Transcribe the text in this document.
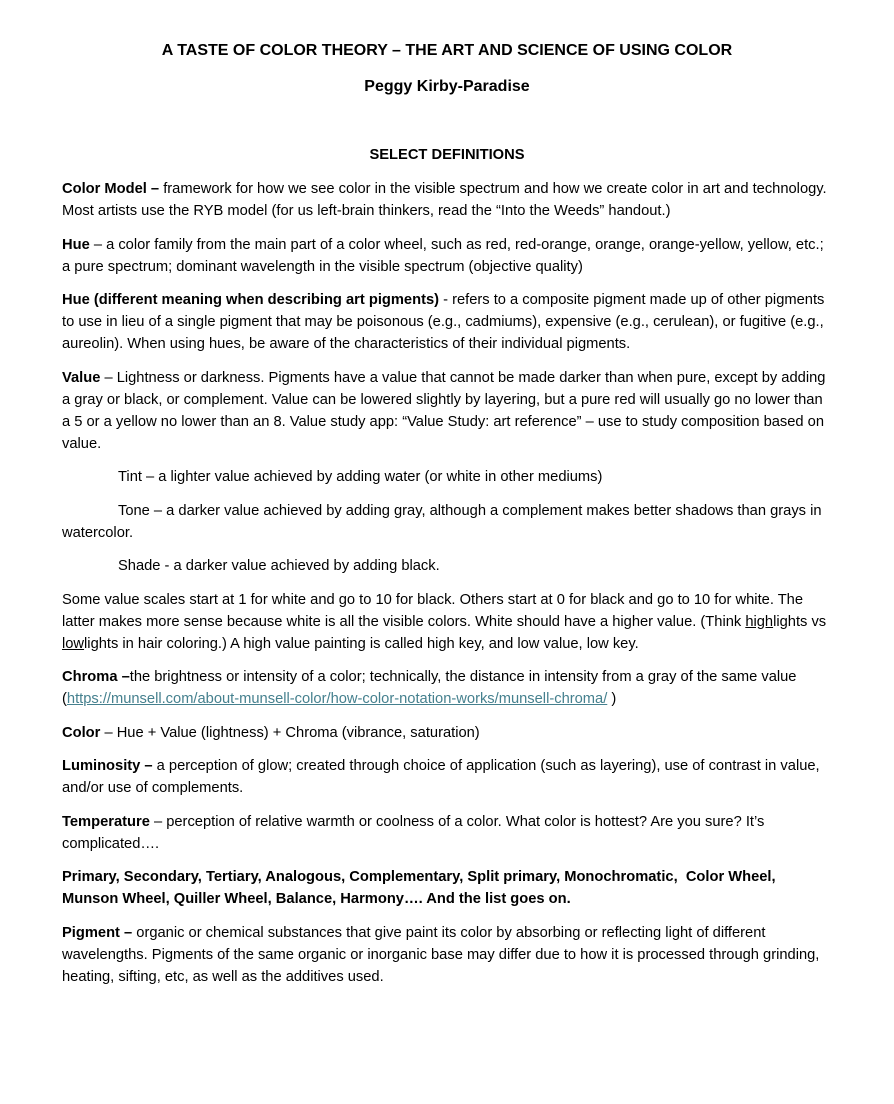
A TASTE OF COLOR THEORY – THE ART AND SCIENCE OF USING COLOR
Peggy Kirby-Paradise
SELECT DEFINITIONS

Color Model – framework for how we see color in the visible spectrum and how we create color in art and technology. Most artists use the RYB model (for us left-brain thinkers, read the “Into the Weeds” handout.)

Hue – a color family from the main part of a color wheel, such as red, red-orange, orange, orange-yellow, yellow, etc.; a pure spectrum; dominant wavelength in the visible spectrum (objective quality)

Hue (different meaning when describing art pigments) - refers to a composite pigment made up of other pigments to use in lieu of a single pigment that may be poisonous (e.g., cadmiums), expensive (e.g., cerulean), or fugitive (e.g., aureolin). When using hues, be aware of the characteristics of their individual pigments.

Value – Lightness or darkness. Pigments have a value that cannot be made darker than when pure, except by adding a gray or black, or complement. Value can be lowered slightly by layering, but a pure red will usually go no lower than a 5 or a yellow no lower than an 8. Value study app: “Value Study: art reference” – use to study composition based on value.

Tint – a lighter value achieved by adding water (or white in other mediums)

Tone – a darker value achieved by adding gray, although a complement makes better shadows than grays in watercolor.

Shade - a darker value achieved by adding black.

Some value scales start at 1 for white and go to 10 for black. Others start at 0 for black and go to 10 for white. The latter makes more sense because white is all the visible colors. White should have a higher value. (Think highlights vs lowlights in hair coloring.) A high value painting is called high key, and low value, low key.

Chroma –the brightness or intensity of a color; technically, the distance in intensity from a gray of the same value (https://munsell.com/about-munsell-color/how-color-notation-works/munsell-chroma/ )

Color – Hue + Value (lightness) + Chroma (vibrance, saturation)

Luminosity – a perception of glow; created through choice of application (such as layering), use of contrast in value, and/or use of complements.

Temperature – perception of relative warmth or coolness of a color. What color is hottest? Are you sure? It’s complicated….

Primary, Secondary, Tertiary, Analogous, Complementary, Split primary, Monochromatic,  Color Wheel, Munson Wheel, Quiller Wheel, Balance, Harmony…. And the list goes on.

Pigment – organic or chemical substances that give paint its color by absorbing or reflecting light of different wavelengths. Pigments of the same organic or inorganic base may differ due to how it is processed through grinding, heating, sifting, etc, as well as the additives used.
